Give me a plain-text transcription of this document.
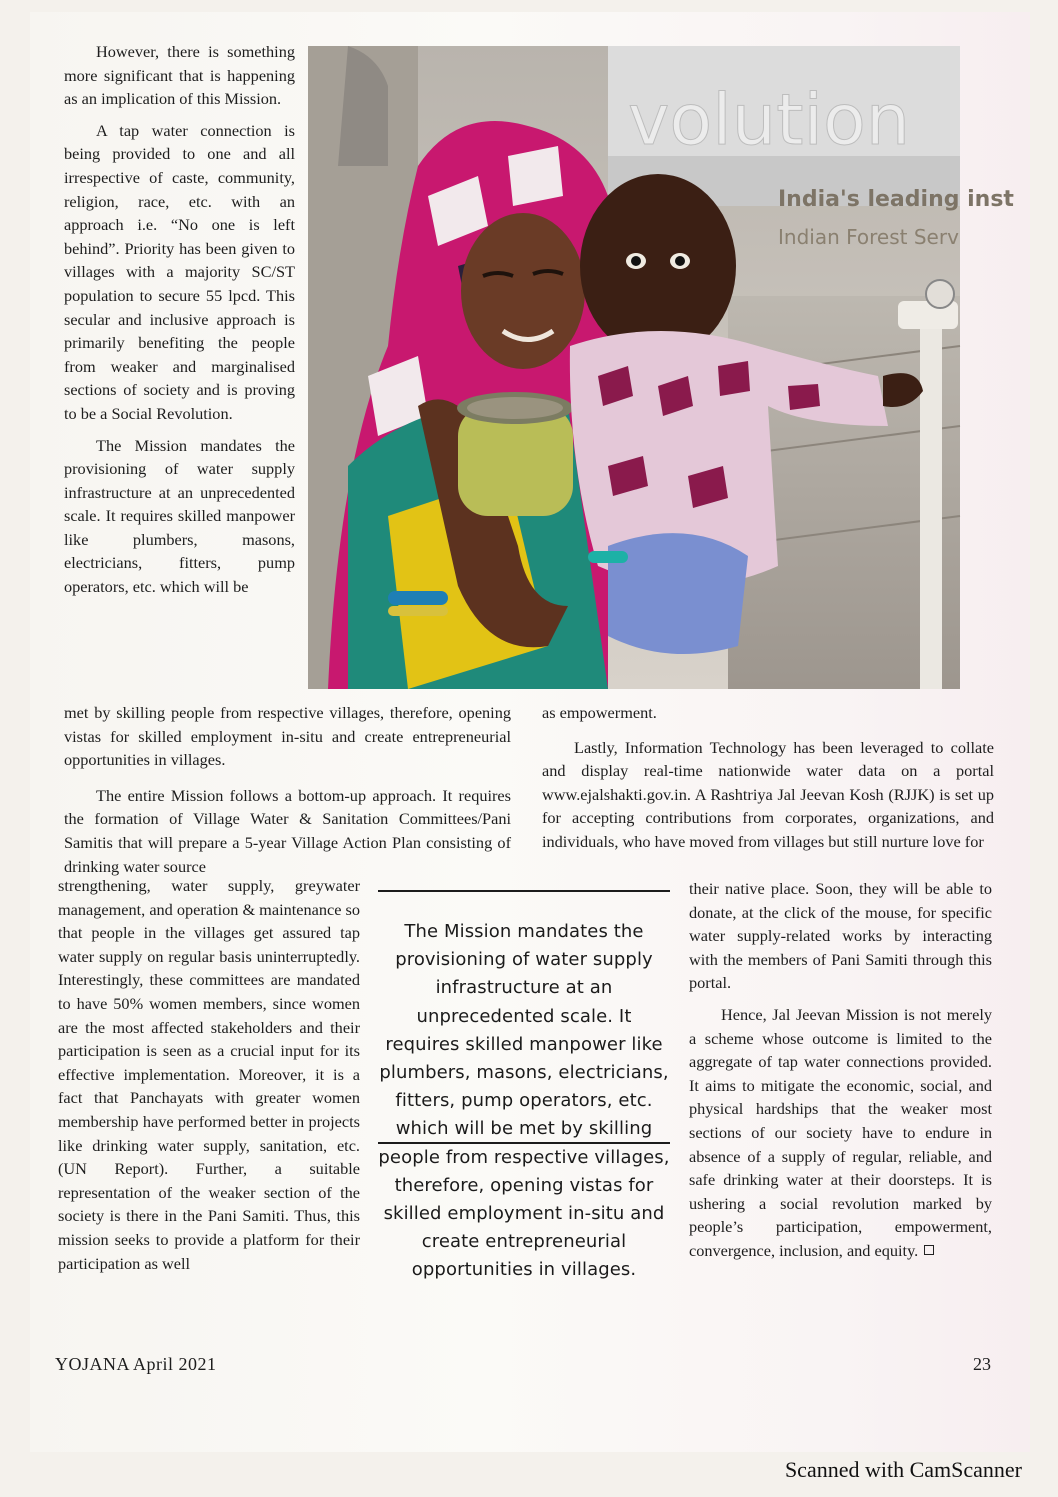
However, there is something more significant that is happening as an implication of this Mission.

A tap water connection is being provided to one and all irrespective of caste, community, religion, race, etc. with an approach i.e. “No one is left behind”. Priority has been given to villages with a majority SC/ST population to secure 55 lpcd. This secular and inclusive approach is primarily benefiting the people from weaker and marginalised sections of society and is proving to be a Social Revolution.

The Mission mandates the provisioning of water supply infrastructure at an unprecedented scale. It requires skilled manpower like plumbers, masons, electricians, fitters, pump operators, etc. which will be

volution
India's leading inst
Indian Forest Serv

met by skilling people from respective villages, therefore, opening vistas for skilled employment in-situ and create entrepreneurial opportunities in villages.

The entire Mission follows a bottom-up approach. It requires the formation of Village Water & Sanitation Committees/Pani Samitis that will prepare a 5-year Village Action Plan consisting of drinking water source

strengthening, water supply, greywater management, and operation & maintenance so that people in the villages get assured tap water supply on regular basis uninterruptedly. Interestingly, these committees are mandated to have 50% women members, since women are the most affected stakeholders and their participation is seen as a crucial input for its effective implementation. Moreover, it is a fact that Panchayats with greater women membership have performed better in projects like drinking water supply, sanitation, etc. (UN Report). Further, a suitable representation of the weaker section of the society is there in the Pani Samiti. Thus, this mission seeks to provide a platform for their participation as well

The Mission mandates the provisioning of water supply infrastructure at an unprecedented scale. It requires skilled manpower like plumbers, masons, electricians, fitters, pump operators, etc. which will be met by skilling people from respective villages, therefore, opening vistas for skilled employment in-situ and create entrepreneurial opportunities in villages.

as empowerment.

Lastly, Information Technology has been leveraged to collate and display real-time nationwide water data on a portal www.ejalshakti.gov.in. A Rashtriya Jal Jeevan Kosh (RJJK) is set up for accepting contributions from corporates, organizations, and individuals, who have moved from villages but still nurture love for

their native place. Soon, they will be able to donate, at the click of the mouse, for specific water supply-related works by interacting with the members of Pani Samiti through this portal.

Hence, Jal Jeevan Mission is not merely a scheme whose outcome is limited to the aggregate of tap water connections provided. It aims to mitigate the economic, social, and physical hardships that the weaker most sections of our society have to endure in absence of a supply of regular, reliable, and safe drinking water at their doorsteps. It is ushering a social revolution marked by people’s participation, empowerment, convergence, inclusion, and equity.

YOJANA April 2021	23
Scanned with CamScanner
